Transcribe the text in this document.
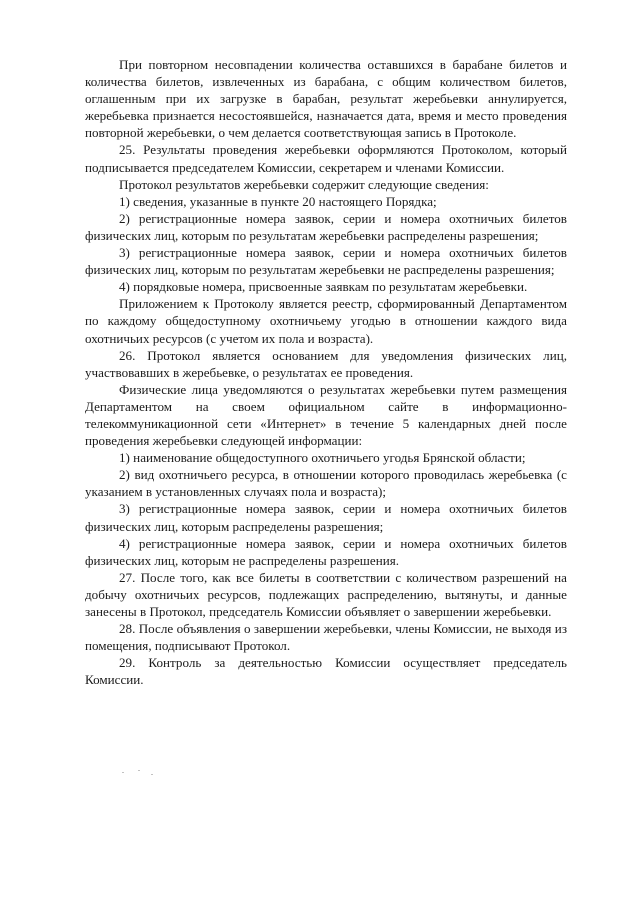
При повторном несовпадении количества оставшихся в барабане билетов и количества билетов, извлеченных из барабана, с общим количеством билетов, оглашенным при их загрузке в барабан, результат жеребьевки аннулируется, жеребьевка признается несостоявшейся, назначается дата, время и место проведения повторной жеребьевки, о чем делается соответствующая запись в Протоколе.

25. Результаты проведения жеребьевки оформляются Протоколом, который подписывается председателем Комиссии, секретарем и членами Комиссии.

Протокол результатов жеребьевки содержит следующие сведения:

1) сведения, указанные в пункте 20 настоящего Порядка;

2) регистрационные номера заявок, серии и номера охотничьих билетов физических лиц, которым по результатам жеребьевки распределены разрешения;

3) регистрационные номера заявок, серии и номера охотничьих билетов физических лиц, которым по результатам жеребьевки не распределены разрешения;

4) порядковые номера, присвоенные заявкам по результатам жеребьевки.

Приложением к Протоколу является реестр, сформированный Департаментом по каждому общедоступному охотничьему угодью в отношении каждого вида охотничьих ресурсов (с учетом их пола и возраста).

26. Протокол является основанием для уведомления физических лиц, участвовавших в жеребьевке, о результатах ее проведения.

Физические лица уведомляются о результатах жеребьевки путем размещения Департаментом на своем официальном сайте в информационно-телекоммуникационной сети «Интернет» в течение 5 календарных дней после проведения жеребьевки следующей информации:

1) наименование общедоступного охотничьего угодья Брянской области;

2) вид охотничьего ресурса, в отношении которого проводилась жеребьевка (с указанием в установленных случаях пола и возраста);

3) регистрационные номера заявок, серии и номера охотничьих билетов физических лиц, которым распределены разрешения;

4) регистрационные номера заявок, серии и номера охотничьих билетов физических лиц, которым не распределены разрешения.

27. После того, как все билеты в соответствии с количеством разрешений на добычу охотничьих ресурсов, подлежащих распределению, вытянуты, и данные занесены в Протокол, председатель Комиссии объявляет о завершении жеребьевки.

28. После объявления о завершении жеребьевки, члены Комиссии, не выходя из помещения, подписывают Протокол.

29. Контроль за деятельностью Комиссии осуществляет председатель Комиссии.
